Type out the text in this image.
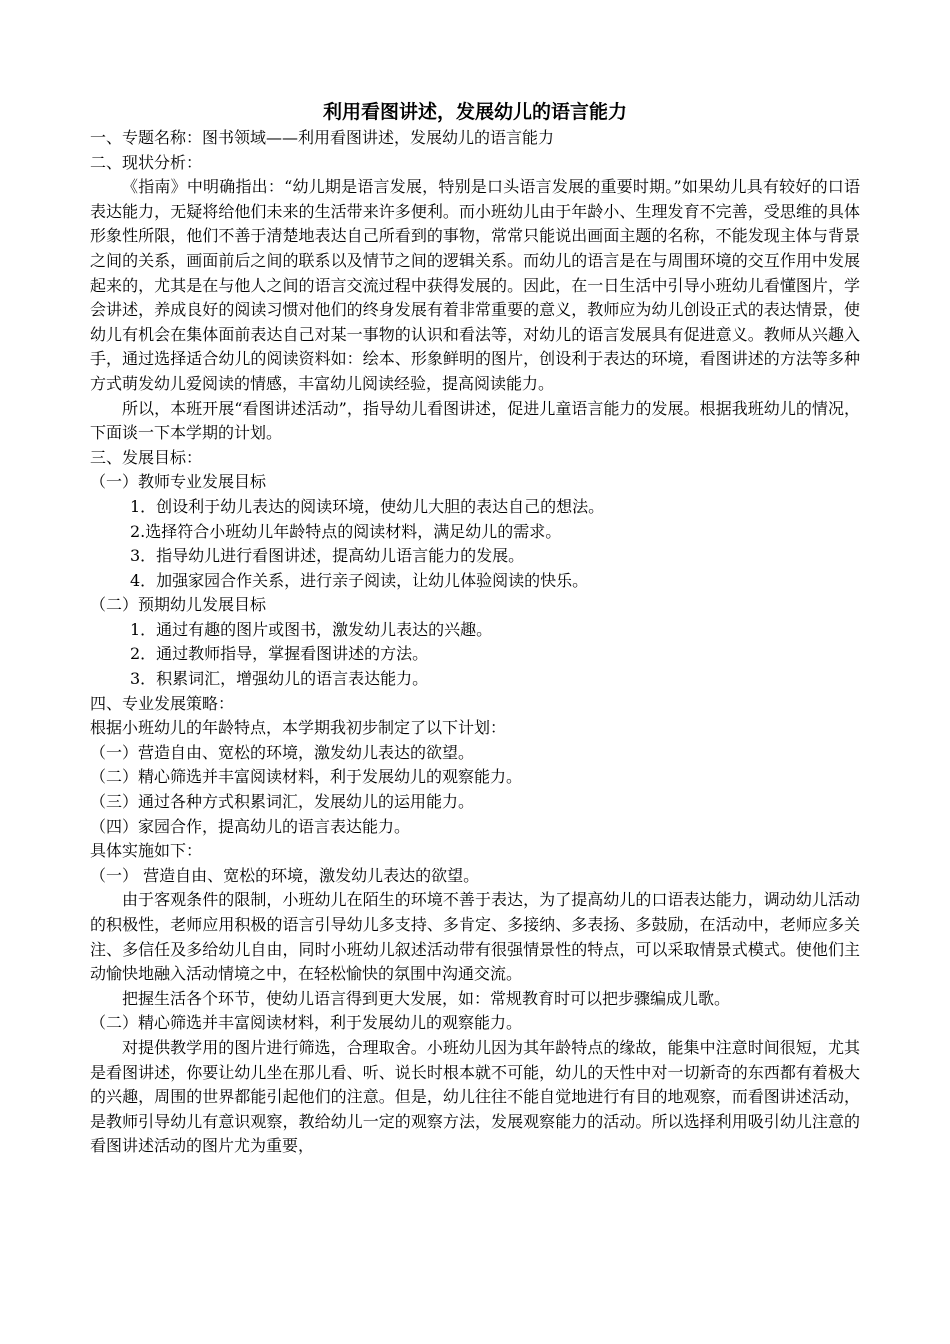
利用看图讲述，发展幼儿的语言能力

一、专题名称：图书领域——利用看图讲述，发展幼儿的语言能力

二、现状分析：

《指南》中明确指出：“幼儿期是语言发展，特别是口头语言发展的重要时期。”如果幼儿具有较好的口语表达能力，无疑将给他们未来的生活带来许多便利。而小班幼儿由于年龄小、生理发育不完善，受思维的具体形象性所限，他们不善于清楚地表达自己所看到的事物，常常只能说出画面主题的名称，不能发现主体与背景之间的关系，画面前后之间的联系以及情节之间的逻辑关系。而幼儿的语言是在与周围环境的交互作用中发展起来的，尤其是在与他人之间的语言交流过程中获得发展的。因此，在一日生活中引导小班幼儿看懂图片，学会讲述，养成良好的阅读习惯对他们的终身发展有着非常重要的意义，教师应为幼儿创设正式的表达情景，使幼儿有机会在集体面前表达自己对某一事物的认识和看法等，对幼儿的语言发展具有促进意义。教师从兴趣入手，通过选择适合幼儿的阅读资料如：绘本、形象鲜明的图片，创设利于表达的环境，看图讲述的方法等多种方式萌发幼儿爱阅读的情感，丰富幼儿阅读经验，提高阅读能力。

所以，本班开展“看图讲述活动”，指导幼儿看图讲述，促进儿童语言能力的发展。根据我班幼儿的情况，下面谈一下本学期的计划。

三、发展目标：

（一）教师专业发展目标

1．创设利于幼儿表达的阅读环境，使幼儿大胆的表达自己的想法。

2.选择符合小班幼儿年龄特点的阅读材料，满足幼儿的需求。

3．指导幼儿进行看图讲述，提高幼儿语言能力的发展。

4．加强家园合作关系，进行亲子阅读，让幼儿体验阅读的快乐。

（二）预期幼儿发展目标

1．通过有趣的图片或图书，激发幼儿表达的兴趣。

2．通过教师指导，掌握看图讲述的方法。

3．积累词汇，增强幼儿的语言表达能力。

四、专业发展策略：

根据小班幼儿的年龄特点，本学期我初步制定了以下计划：

（一）营造自由、宽松的环境，激发幼儿表达的欲望。

（二）精心筛选并丰富阅读材料，利于发展幼儿的观察能力。

（三）通过各种方式积累词汇，发展幼儿的运用能力。

（四）家园合作，提高幼儿的语言表达能力。

具体实施如下：

（一） 营造自由、宽松的环境，激发幼儿表达的欲望。

由于客观条件的限制，小班幼儿在陌生的环境不善于表达，为了提高幼儿的口语表达能力，调动幼儿活动的积极性，老师应用积极的语言引导幼儿多支持、多肯定、多接纳、多表扬、多鼓励，在活动中，老师应多关注、多信任及多给幼儿自由，同时小班幼儿叙述活动带有很强情景性的特点，可以采取情景式模式。使他们主动愉快地融入活动情境之中，在轻松愉快的氛围中沟通交流。

把握生活各个环节，使幼儿语言得到更大发展，如：常规教育时可以把步骤编成儿歌。

（二）精心筛选并丰富阅读材料，利于发展幼儿的观察能力。

对提供教学用的图片进行筛选，合理取舍。小班幼儿因为其年龄特点的缘故，能集中注意时间很短，尤其是看图讲述，你要让幼儿坐在那儿看、听、说长时根本就不可能，幼儿的天性中对一切新奇的东西都有着极大的兴趣，周围的世界都能引起他们的注意。但是，幼儿往往不能自觉地进行有目的地观察，而看图讲述活动，是教师引导幼儿有意识观察，教给幼儿一定的观察方法，发展观察能力的活动。所以选择利用吸引幼儿注意的看图讲述活动的图片尤为重要，
